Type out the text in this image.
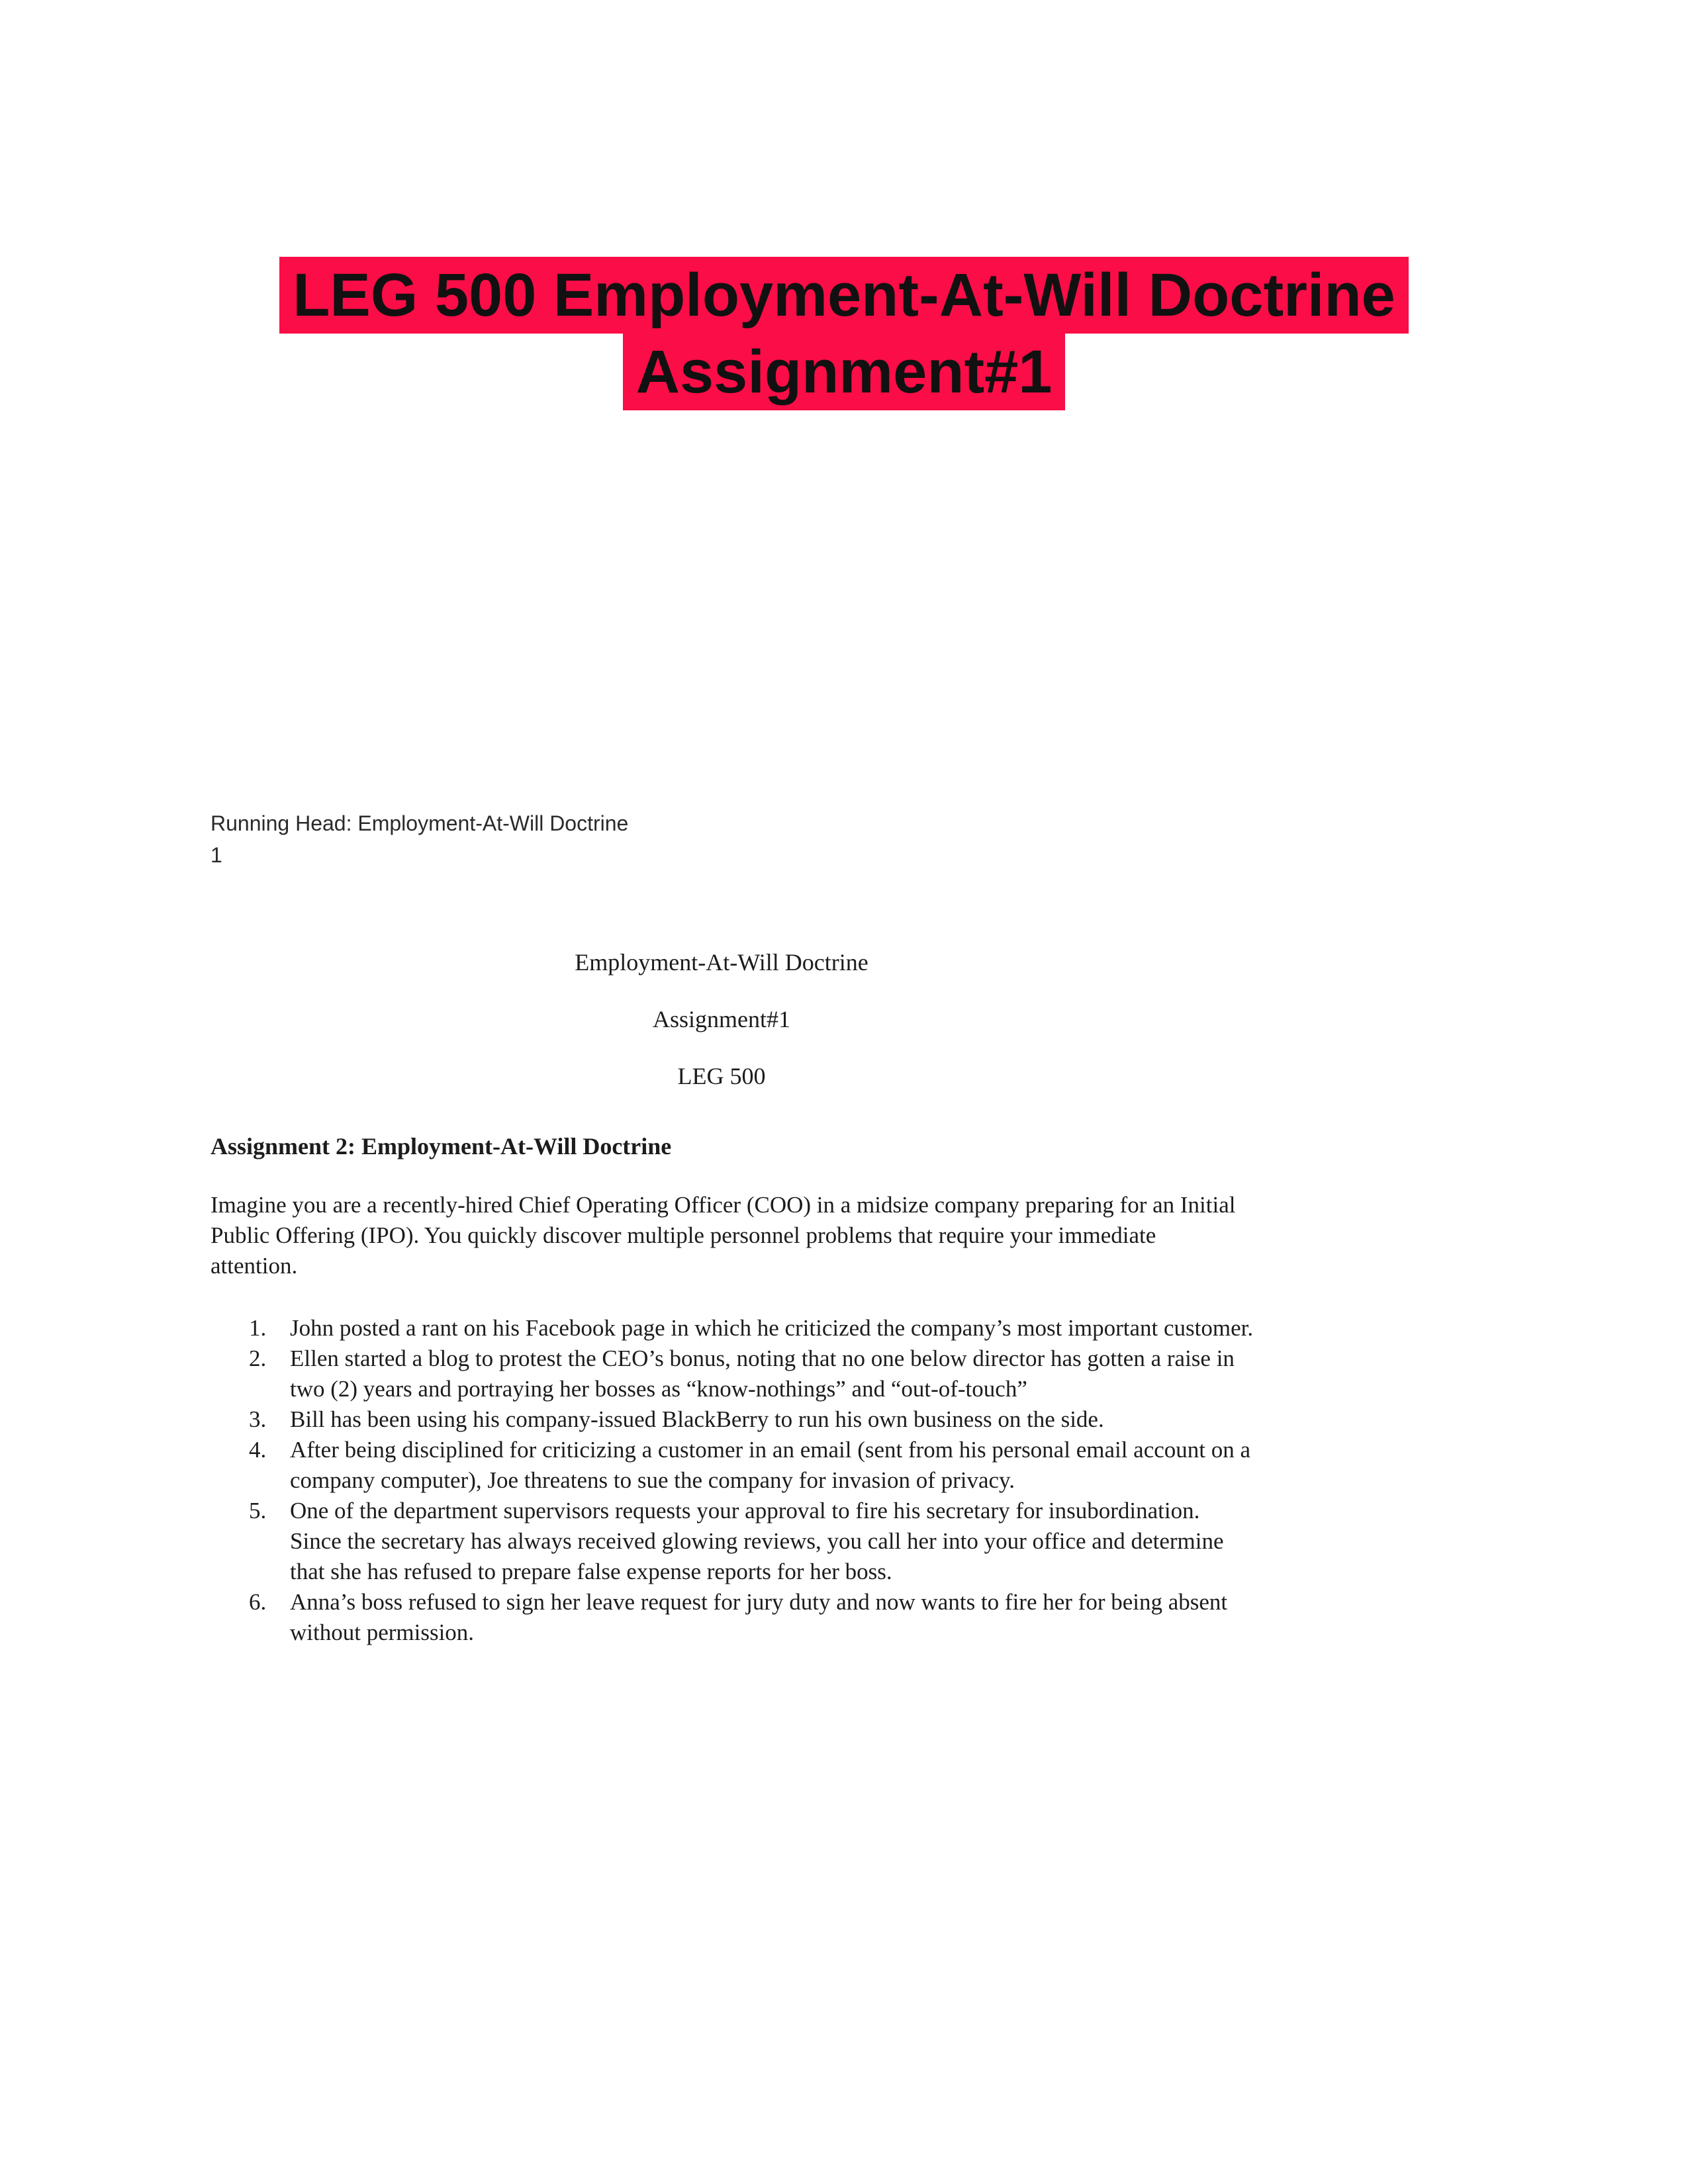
LEG 500 Employment-At-Will Doctrine
Assignment#1
Running Head: Employment-At-Will Doctrine
1
Employment-At-Will Doctrine
Assignment#1
LEG 500
Assignment 2: Employment-At-Will Doctrine
Imagine you are a recently-hired Chief Operating Officer (COO) in a midsize company preparing for an Initial Public Offering (IPO). You quickly discover multiple personnel problems that require your immediate attention.
1. John posted a rant on his Facebook page in which he criticized the company’s most important customer.
2. Ellen started a blog to protest the CEO’s bonus, noting that no one below director has gotten a raise in two (2) years and portraying her bosses as “know-nothings” and “out-of-touch”
3. Bill has been using his company-issued BlackBerry to run his own business on the side.
4. After being disciplined for criticizing a customer in an email (sent from his personal email account on a company computer), Joe threatens to sue the company for invasion of privacy.
5. One of the department supervisors requests your approval to fire his secretary for insubordination. Since the secretary has always received glowing reviews, you call her into your office and determine that she has refused to prepare false expense reports for her boss.
6. Anna’s boss refused to sign her leave request for jury duty and now wants to fire her for being absent without permission.
